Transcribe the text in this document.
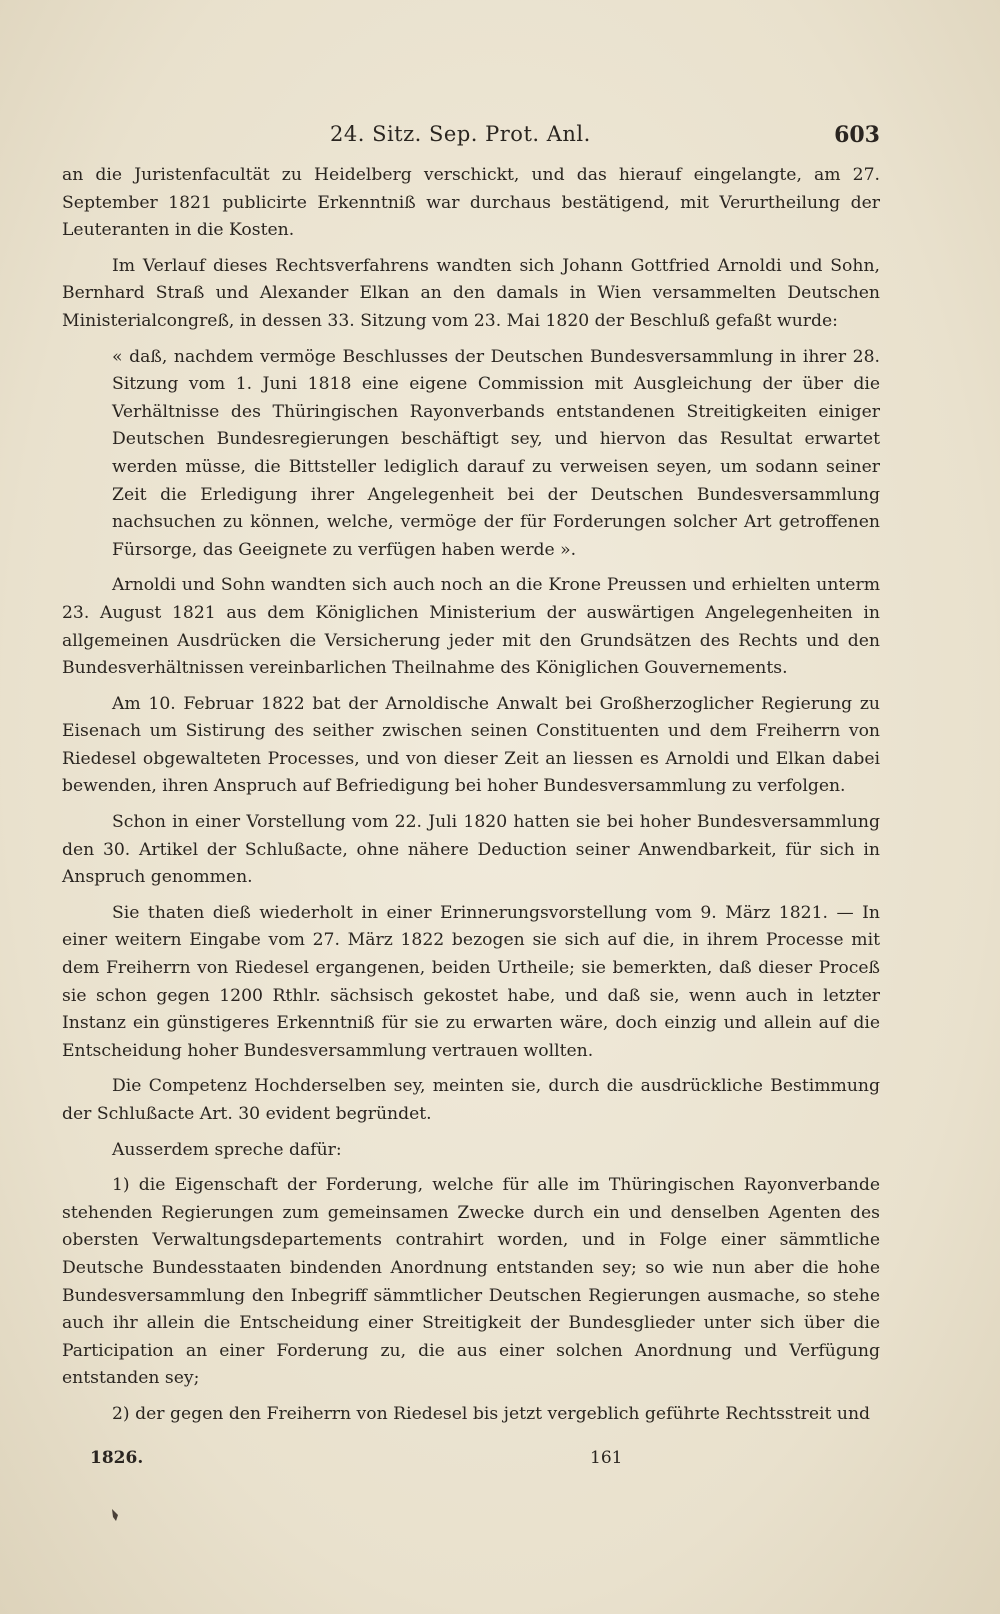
24. Sitz. Sep. Prot. Anl.	603

an die Juristenfacultät zu Heidelberg verschickt, und das hierauf eingelangte, am 27. September 1821 publicirte Erkenntniß war durchaus bestätigend, mit Verurtheilung der Leuteranten in die Kosten.

Im Verlauf dieses Rechtsverfahrens wandten sich Johann Gottfried Arnoldi und Sohn, Bernhard Straß und Alexander Elkan an den damals in Wien versammelten Deutschen Ministerialcongreß, in dessen 33. Sitzung vom 23. Mai 1820 der Beschluß gefaßt wurde:

« daß, nachdem vermöge Beschlusses der Deutschen Bundesversammlung in ihrer 28. Sitzung vom 1. Juni 1818 eine eigene Commission mit Ausgleichung der über die Verhältnisse des Thüringischen Rayonverbands entstandenen Streitigkeiten einiger Deutschen Bundesregierungen beschäftigt sey, und hiervon das Resultat erwartet werden müsse, die Bittsteller lediglich darauf zu verweisen seyen, um sodann seiner Zeit die Erledigung ihrer Angelegenheit bei der Deutschen Bundesversammlung nachsuchen zu können, welche, vermöge der für Forderungen solcher Art getroffenen Fürsorge, das Geeignete zu verfügen haben werde ».

Arnoldi und Sohn wandten sich auch noch an die Krone Preussen und erhielten unterm 23. August 1821 aus dem Königlichen Ministerium der auswärtigen Angelegenheiten in allgemeinen Ausdrücken die Versicherung jeder mit den Grundsätzen des Rechts und den Bundesverhältnissen vereinbarlichen Theilnahme des Königlichen Gouvernements.

Am 10. Februar 1822 bat der Arnoldische Anwalt bei Großherzoglicher Regierung zu Eisenach um Sistirung des seither zwischen seinen Constituenten und dem Freiherrn von Riedesel obgewalteten Processes, und von dieser Zeit an liessen es Arnoldi und Elkan dabei bewenden, ihren Anspruch auf Befriedigung bei hoher Bundesversammlung zu verfolgen.

Schon in einer Vorstellung vom 22. Juli 1820 hatten sie bei hoher Bundesversammlung den 30. Artikel der Schlußacte, ohne nähere Deduction seiner Anwendbarkeit, für sich in Anspruch genommen.

Sie thaten dieß wiederholt in einer Erinnerungsvorstellung vom 9. März 1821. — In einer weitern Eingabe vom 27. März 1822 bezogen sie sich auf die, in ihrem Processe mit dem Freiherrn von Riedesel ergangenen, beiden Urtheile; sie bemerkten, daß dieser Proceß sie schon gegen 1200 Rthlr. sächsisch gekostet habe, und daß sie, wenn auch in letzter Instanz ein günstigeres Erkenntniß für sie zu erwarten wäre, doch einzig und allein auf die Entscheidung hoher Bundesversammlung vertrauen wollten.

Die Competenz Hochderselben sey, meinten sie, durch die ausdrückliche Bestimmung der Schlußacte Art. 30 evident begründet.

Ausserdem spreche dafür:

1) die Eigenschaft der Forderung, welche für alle im Thüringischen Rayonverbande stehenden Regierungen zum gemeinsamen Zwecke durch ein und denselben Agenten des obersten Verwaltungsdepartements contrahirt worden, und in Folge einer sämmtliche Deutsche Bundesstaaten bindenden Anordnung entstanden sey; so wie nun aber die hohe Bundesversammlung den Inbegriff sämmtlicher Deutschen Regierungen ausmache, so stehe auch ihr allein die Entscheidung einer Streitigkeit der Bundesglieder unter sich über die Participation an einer Forderung zu, die aus einer solchen Anordnung und Verfügung entstanden sey;

2) der gegen den Freiherrn von Riedesel bis jetzt vergeblich geführte Rechtsstreit und

1826.	161
